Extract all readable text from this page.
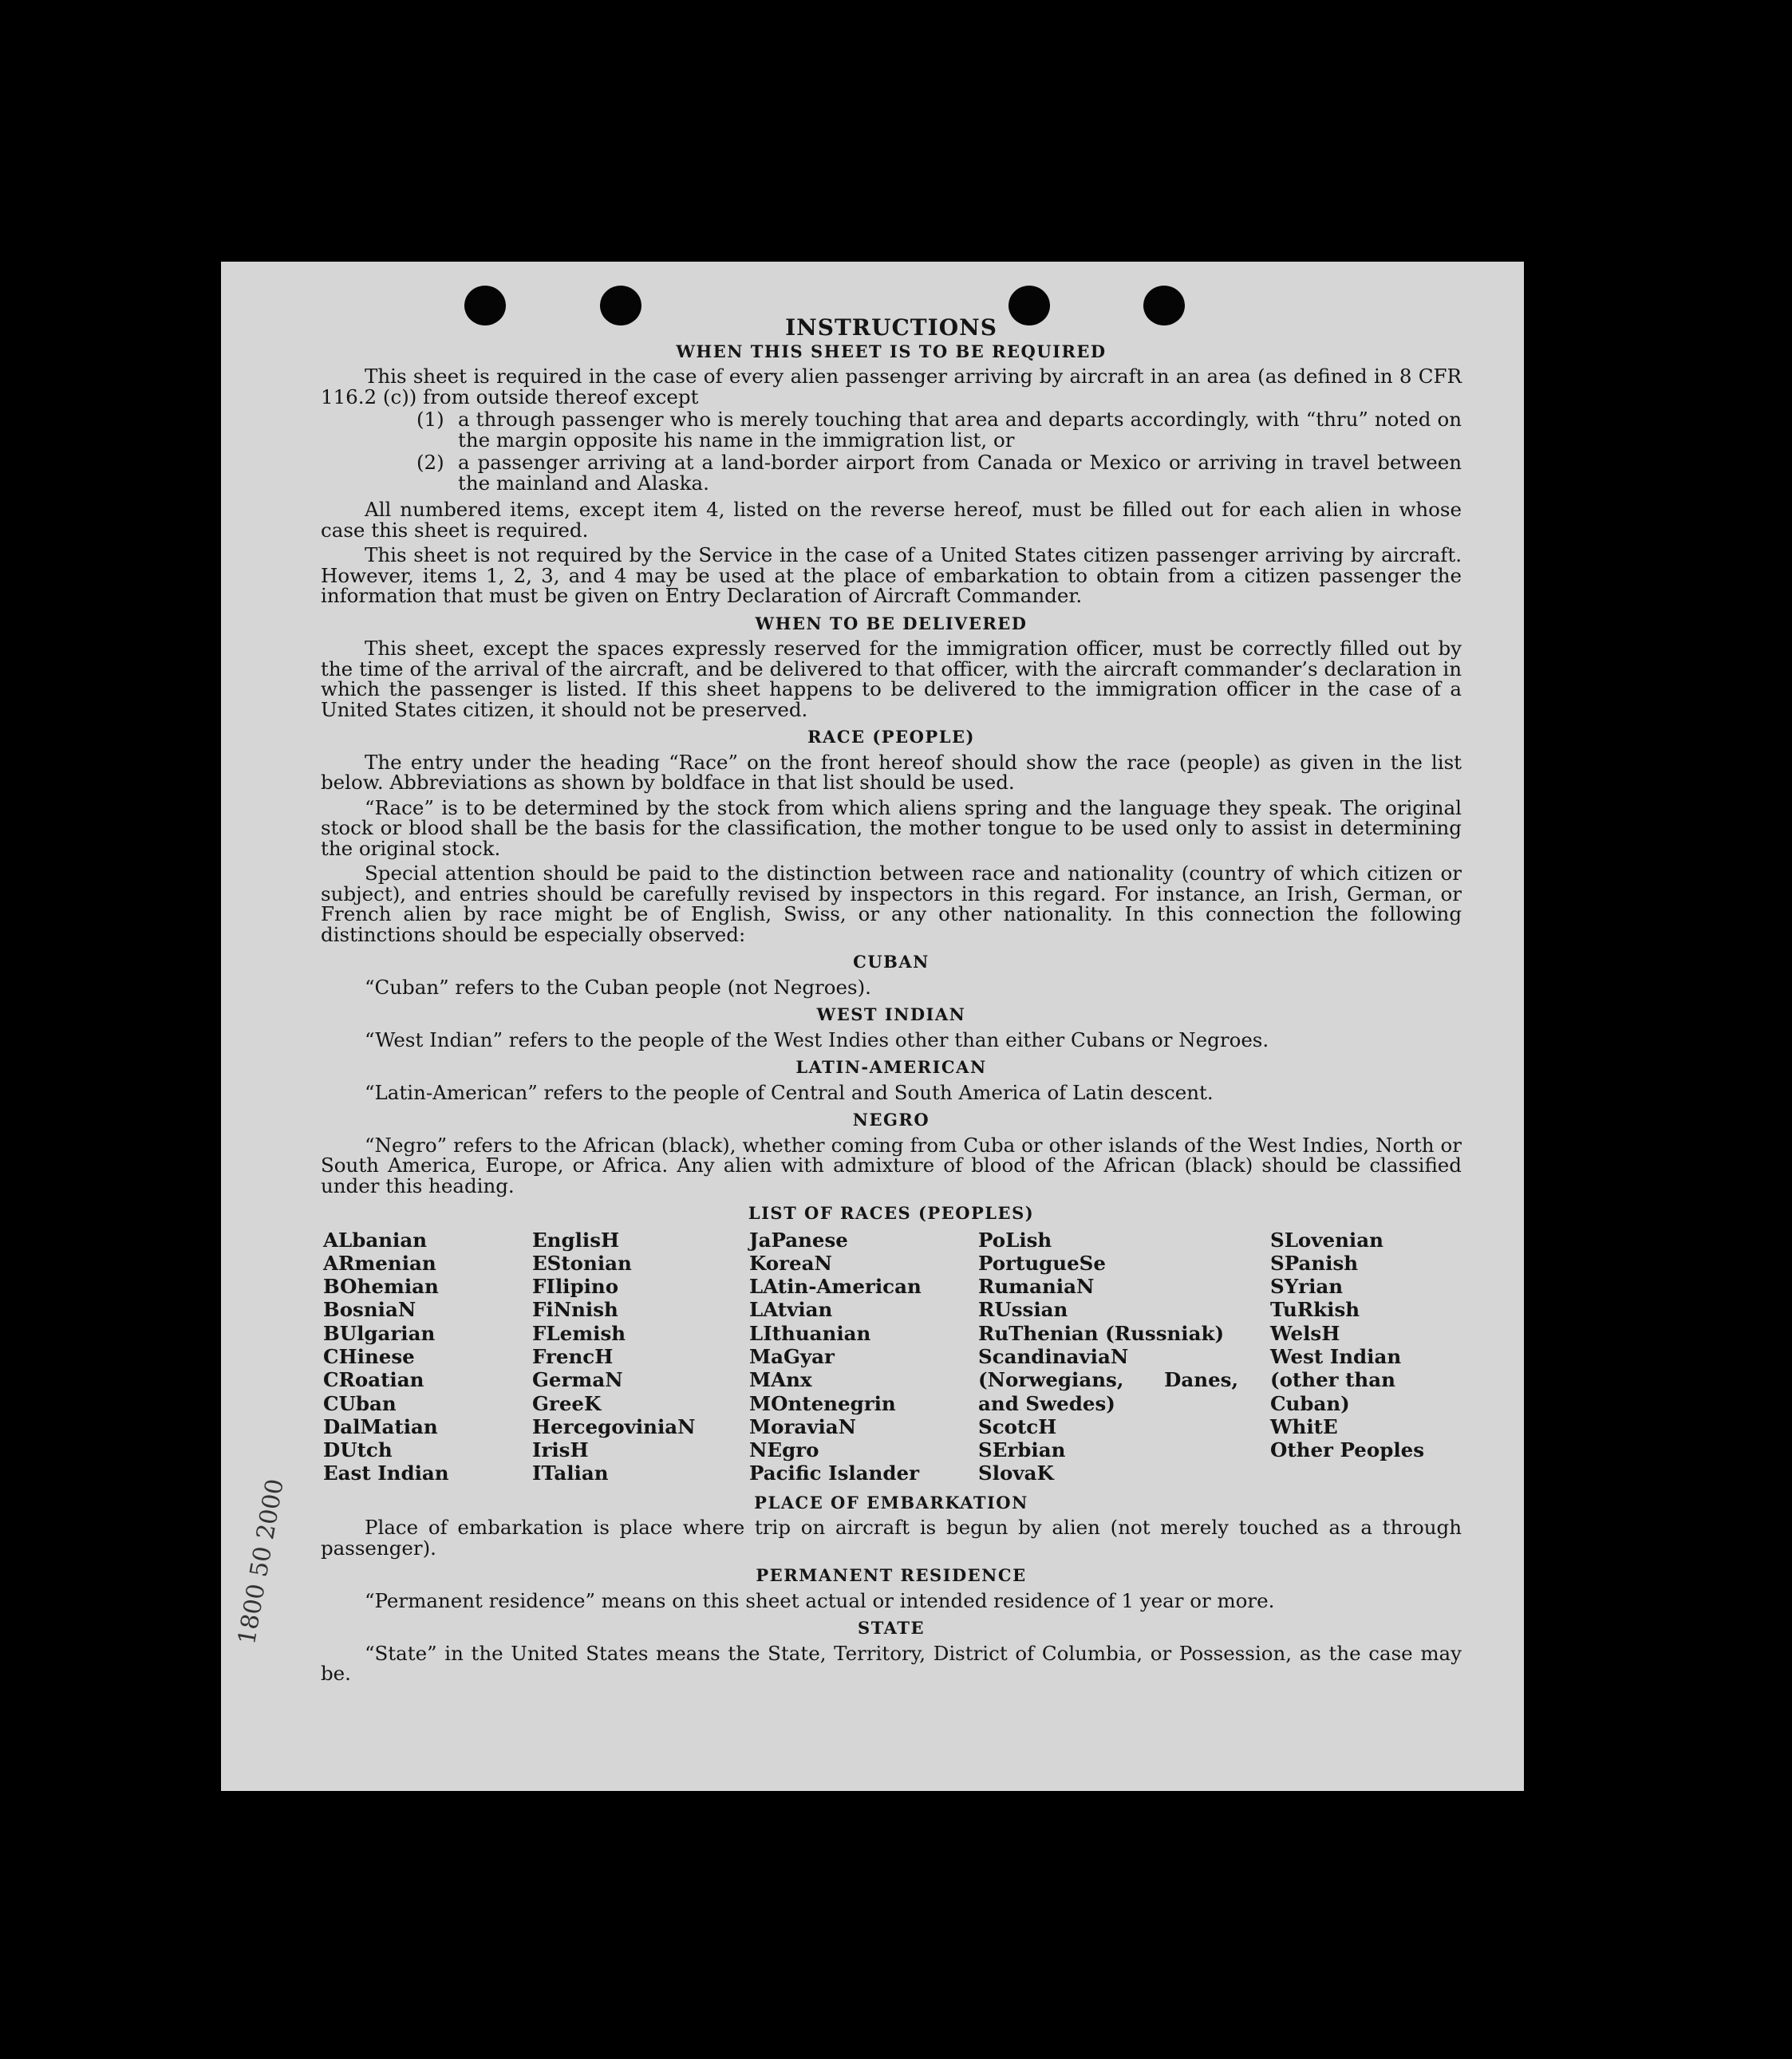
INSTRUCTIONS
WHEN THIS SHEET IS TO BE REQUIRED

This sheet is required in the case of every alien passenger arriving by aircraft in an area (as defined in 8 CFR 116.2 (c)) from outside thereof except

(1) a through passenger who is merely touching that area and departs accordingly, with “thru” noted on the margin opposite his name in the immigration list, or
(2) a passenger arriving at a land-border airport from Canada or Mexico or arriving in travel between the mainland and Alaska.

All numbered items, except item 4, listed on the reverse hereof, must be filled out for each alien in whose case this sheet is required.

This sheet is not required by the Service in the case of a United States citizen passenger arriving by aircraft. However, items 1, 2, 3, and 4 may be used at the place of embarkation to obtain from a citizen passenger the information that must be given on Entry Declaration of Aircraft Commander.

WHEN TO BE DELIVERED

This sheet, except the spaces expressly reserved for the immigration officer, must be correctly filled out by the time of the arrival of the aircraft, and be delivered to that officer, with the aircraft commander’s declaration in which the passenger is listed. If this sheet happens to be delivered to the immigration officer in the case of a United States citizen, it should not be preserved.

RACE (PEOPLE)

The entry under the heading “Race” on the front hereof should show the race (people) as given in the list below. Abbreviations as shown by boldface in that list should be used.

“Race” is to be determined by the stock from which aliens spring and the language they speak. The original stock or blood shall be the basis for the classification, the mother tongue to be used only to assist in determining the original stock.

Special attention should be paid to the distinction between race and nationality (country of which citizen or subject), and entries should be carefully revised by inspectors in this regard. For instance, an Irish, German, or French alien by race might be of English, Swiss, or any other nationality. In this connection the following distinctions should be especially observed:

CUBAN

“Cuban” refers to the Cuban people (not Negroes).

WEST INDIAN

“West Indian” refers to the people of the West Indies other than either Cubans or Negroes.

LATIN-AMERICAN

“Latin-American” refers to the people of Central and South America of Latin descent.

NEGRO

“Negro” refers to the African (black), whether coming from Cuba or other islands of the West Indies, North or South America, Europe, or Africa. Any alien with admixture of blood of the African (black) should be classified under this heading.

LIST OF RACES (PEOPLES)
ALbanian
ARmenian
BOhemian
BosniaN
BUlgarian
CHinese
CRoatian
CUban
DalMatian
DUtch
East Indian
EnglisH
EStonian
FIlipino
FiNnish
FLemish
FrencH
GermaN
GreeK
HercegoviniaN
IrisH
ITalian
JaPanese
KoreaN
LAtin-American
LAtvian
LIthuanian
MaGyar
MAnx
MOntenegrin
MoraviaN
NEgro
Pacific Islander
PoLish
PortugueSe
RumaniaN
RUssian
RuThenian (Russniak)
ScandinaviaN (Norwegians, Danes, and Swedes)
ScotcH
SErbian
SlovaK
SLovenian
SPanish
SYrian
TuRkish
WelsH
West Indian (other than Cuban)
WhitE
Other Peoples
PLACE OF EMBARKATION

Place of embarkation is place where trip on aircraft is begun by alien (not merely touched as a through passenger).

PERMANENT RESIDENCE

“Permanent residence” means on this sheet actual or intended residence of 1 year or more.

STATE

“State” in the United States means the State, Territory, District of Columbia, or Possession, as the case may be.

1800 50 2000
